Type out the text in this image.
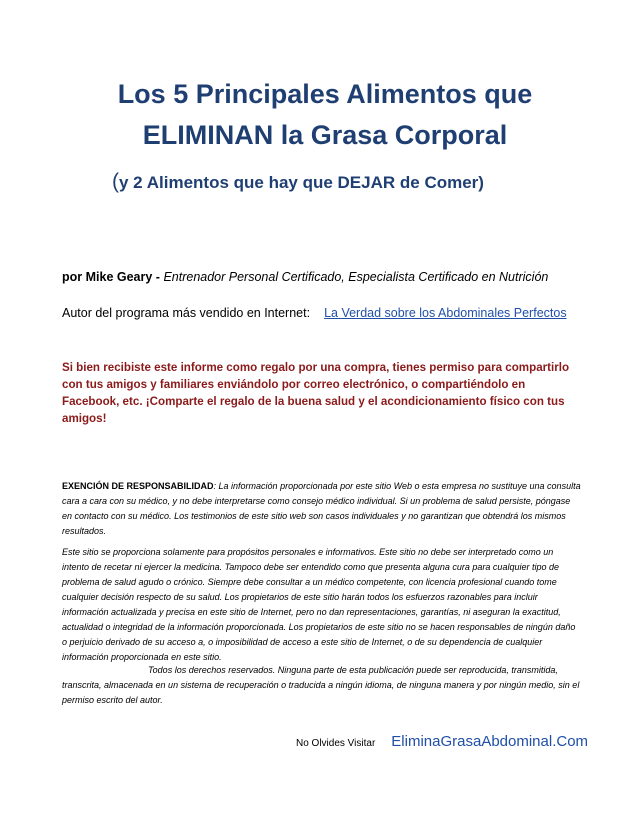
Los 5 Principales Alimentos que
ELIMINAN la Grasa Corporal
(y 2 Alimentos que hay que DEJAR de Comer)
por Mike Geary - Entrenador Personal Certificado, Especialista Certificado en Nutrición
Autor del programa más vendido en Internet: La Verdad sobre los Abdominales Perfectos
Si bien recibiste este informe como regalo por una compra, tienes permiso para compartirlo con tus amigos y familiares enviándolo por correo electrónico, o compartiéndolo en Facebook, etc. ¡Comparte el regalo de la buena salud y el acondicionamiento físico con tus amigos!
EXENCIÓN DE RESPONSABILIDAD: La información proporcionada por este sitio Web o esta empresa no sustituye una consulta cara a cara con su médico, y no debe interpretarse como consejo médico individual. Si un problema de salud persiste, póngase en contacto con su médico. Los testimonios de este sitio web son casos individuales y no garantizan que obtendrá los mismos resultados.
Este sitio se proporciona solamente para propósitos personales e informativos. Este sitio no debe ser interpretado como un intento de recetar ni ejercer la medicina. Tampoco debe ser entendido como que presenta alguna cura para cualquier tipo de problema de salud agudo o crónico. Siempre debe consultar a un médico competente, con licencia profesional cuando tome cualquier decisión respecto de su salud. Los propietarios de este sitio harán todos los esfuerzos razonables para incluir información actualizada y precisa en este sitio de Internet, pero no dan representaciones, garantías, ni aseguran la exactitud, actualidad o integridad de la información proporcionada. Los propietarios de este sitio no se hacen responsables de ningún daño o perjuicio derivado de su acceso a, o imposibilidad de acceso a este sitio de Internet, o de su dependencia de cualquier información proporcionada en este sitio.
Todos los derechos reservados. Ninguna parte de esta publicación puede ser reproducida, transmitida, transcrita, almacenada en un sistema de recuperación o traducida a ningún idioma, de ninguna manera y por ningún medio, sin el permiso escrito del autor.
No Olvides Visitar EliminaGrasaAbdominal.Com
